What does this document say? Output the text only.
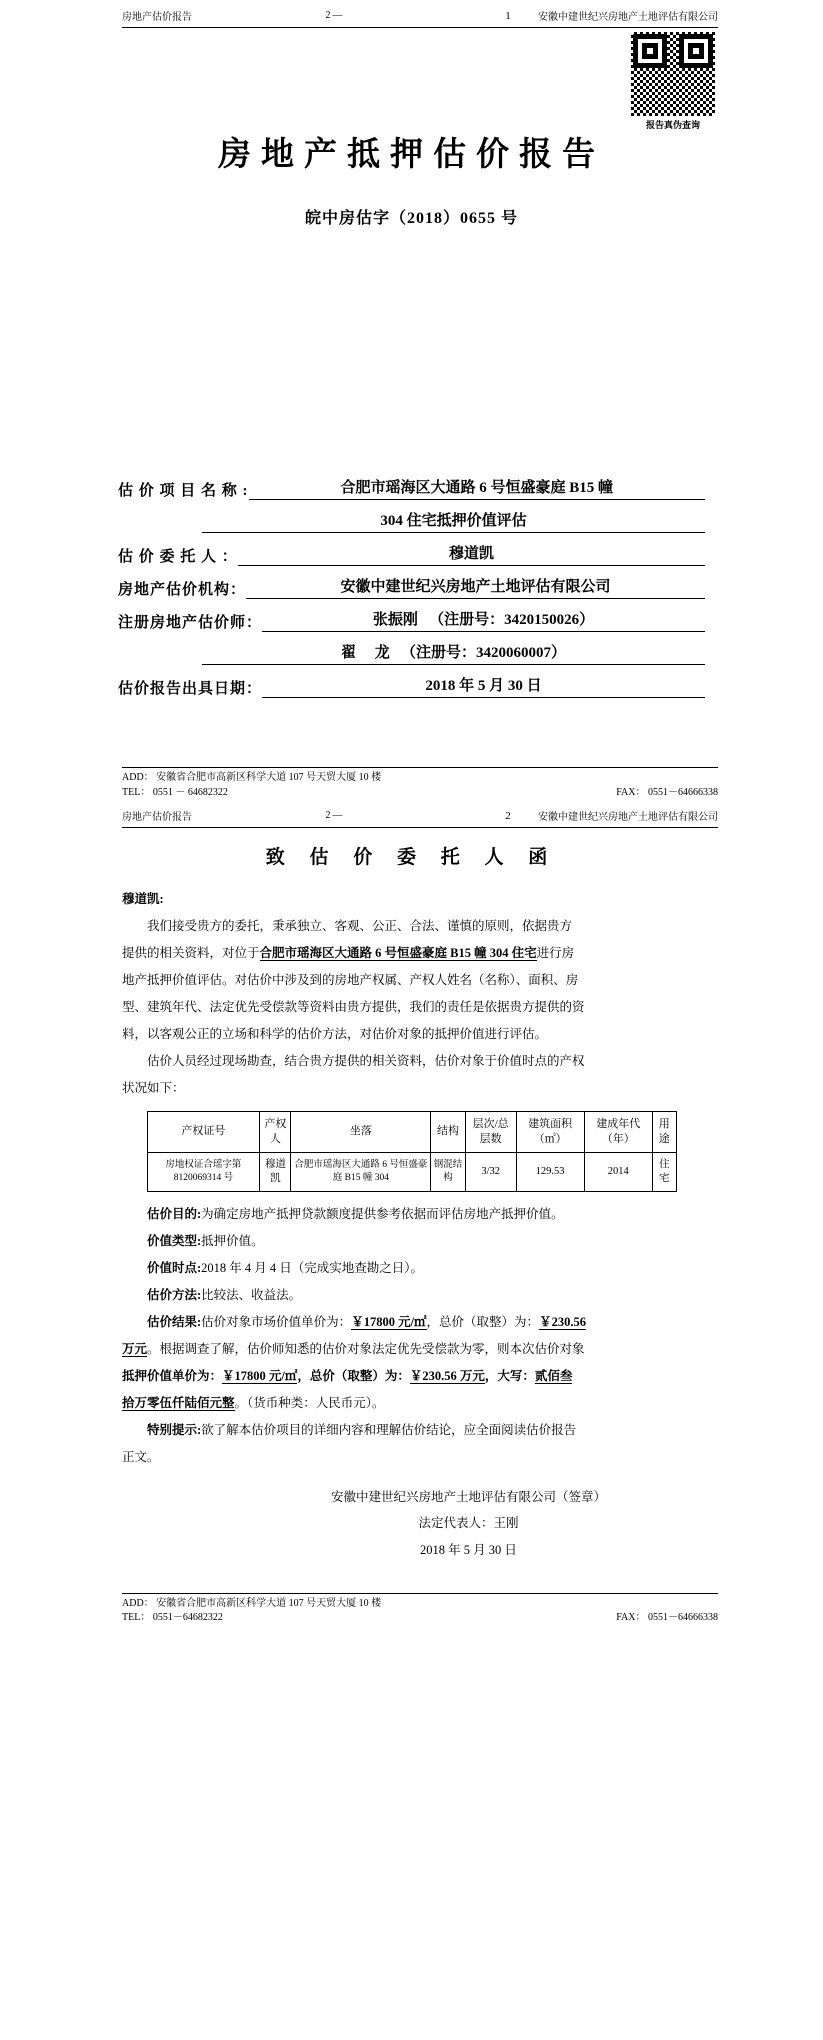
房地产估价报告	2—	1	安徽中建世纪兴房地产土地评估有限公司
报告真伪查询
房地产抵押估价报告
皖中房估字（2018）0655 号
估 价 项 目 名 称 :	合肥市瑶海区大通路 6 号恒盛豪庭 B15 幢
304 住宅抵押价值评估
估 价 委 托 人 ：	穆道凯
房地产估价机构：	安徽中建世纪兴房地产土地评估有限公司
注册房地产估价师：	张振刚 　（注册号：3420150026）
翟 　龙 　（注册号：3420060007）
估价报告出具日期：	2018 年 5 月 30 日
ADD： 安徽省合肥市高新区科学大道 107 号天贸大厦 10 楼
TEL： 0551 － 64682322	FAX： 0551－64666338
房地产估价报告	2—	2	安徽中建世纪兴房地产土地评估有限公司
致 估 价 委 托 人 函

穆道凯:

我们接受贵方的委托，秉承独立、客观、公正、合法、谨慎的原则，依据贵方

提供的相关资料，对位于合肥市瑶海区大通路 6 号恒盛豪庭 B15 幢 304 住宅进行房

地产抵押价值评估。对估价中涉及到的房地产权属、产权人姓名（名称）、面积、房

型、建筑年代、法定优先受偿款等资料由贵方提供，我们的责任是依据贵方提供的资

料，以客观公正的立场和科学的估价方法，对估价对象的抵押价值进行评估。

估价人员经过现场勘查，结合贵方提供的相关资料，估价对象于价值时点的产权

状况如下：

产权证号	产权人	坐落	结构	层次/总层数	建筑面积（㎡）	建成年代（年）	用途
房地权证合瑶字第8120069314 号	穆道凯	合肥市瑶海区大通路 6 号恒盛豪庭 B15 幢 304	钢混结构	3/32	129.53	2014	住宅

估价目的:为确定房地产抵押贷款额度提供参考依据而评估房地产抵押价值。

价值类型:抵押价值。

价值时点:2018 年 4 月 4 日（完成实地查勘之日）。

估价方法:比较法、收益法。

估价结果:估价对象市场价值单价为：￥17800 元/㎡，总价（取整）为：￥230.56

万元。根据调查了解，估价师知悉的估价对象法定优先受偿款为零，则本次估价对象

抵押价值单价为：￥17800 元/㎡，总价（取整）为：￥230.56 万元，大写：贰佰叁

拾万零伍仟陆佰元整。（货币种类：人民币元）。

特别提示:欲了解本估价项目的详细内容和理解估价结论，应全面阅读估价报告

正文。

安徽中建世纪兴房地产土地评估有限公司（签章）
法定代表人：王刚
2018 年 5 月 30 日
ADD： 安徽省合肥市高新区科学大道 107 号天贸大厦 10 楼
TEL： 0551－64682322	FAX： 0551－64666338
